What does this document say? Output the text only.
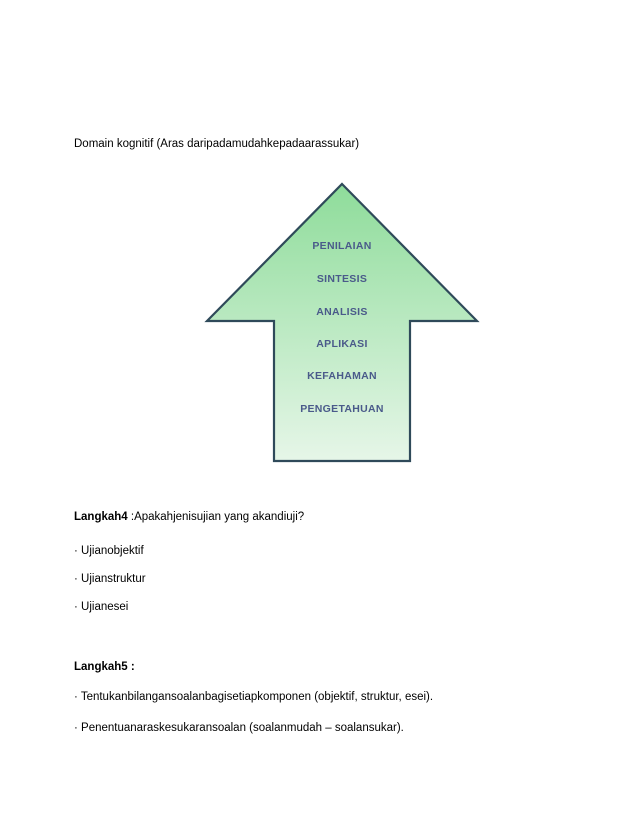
Domain kognitif (Aras daripadamudahkepadaarassukar)
PENILAIAN
SINTESIS
ANALISIS
APLIKASI
KEFAHAMAN
PENGETAHUAN
Langkah4 :Apakahjenisujian yang akandiuji?
· Ujianobjektif
· Ujianstruktur
· Ujianesei
Langkah5 :
· Tentukanbilangansoalanbagisetiapkomponen (objektif, struktur, esei).
· Penentuanaraskesukaransoalan (soalanmudah – soalansukar).
